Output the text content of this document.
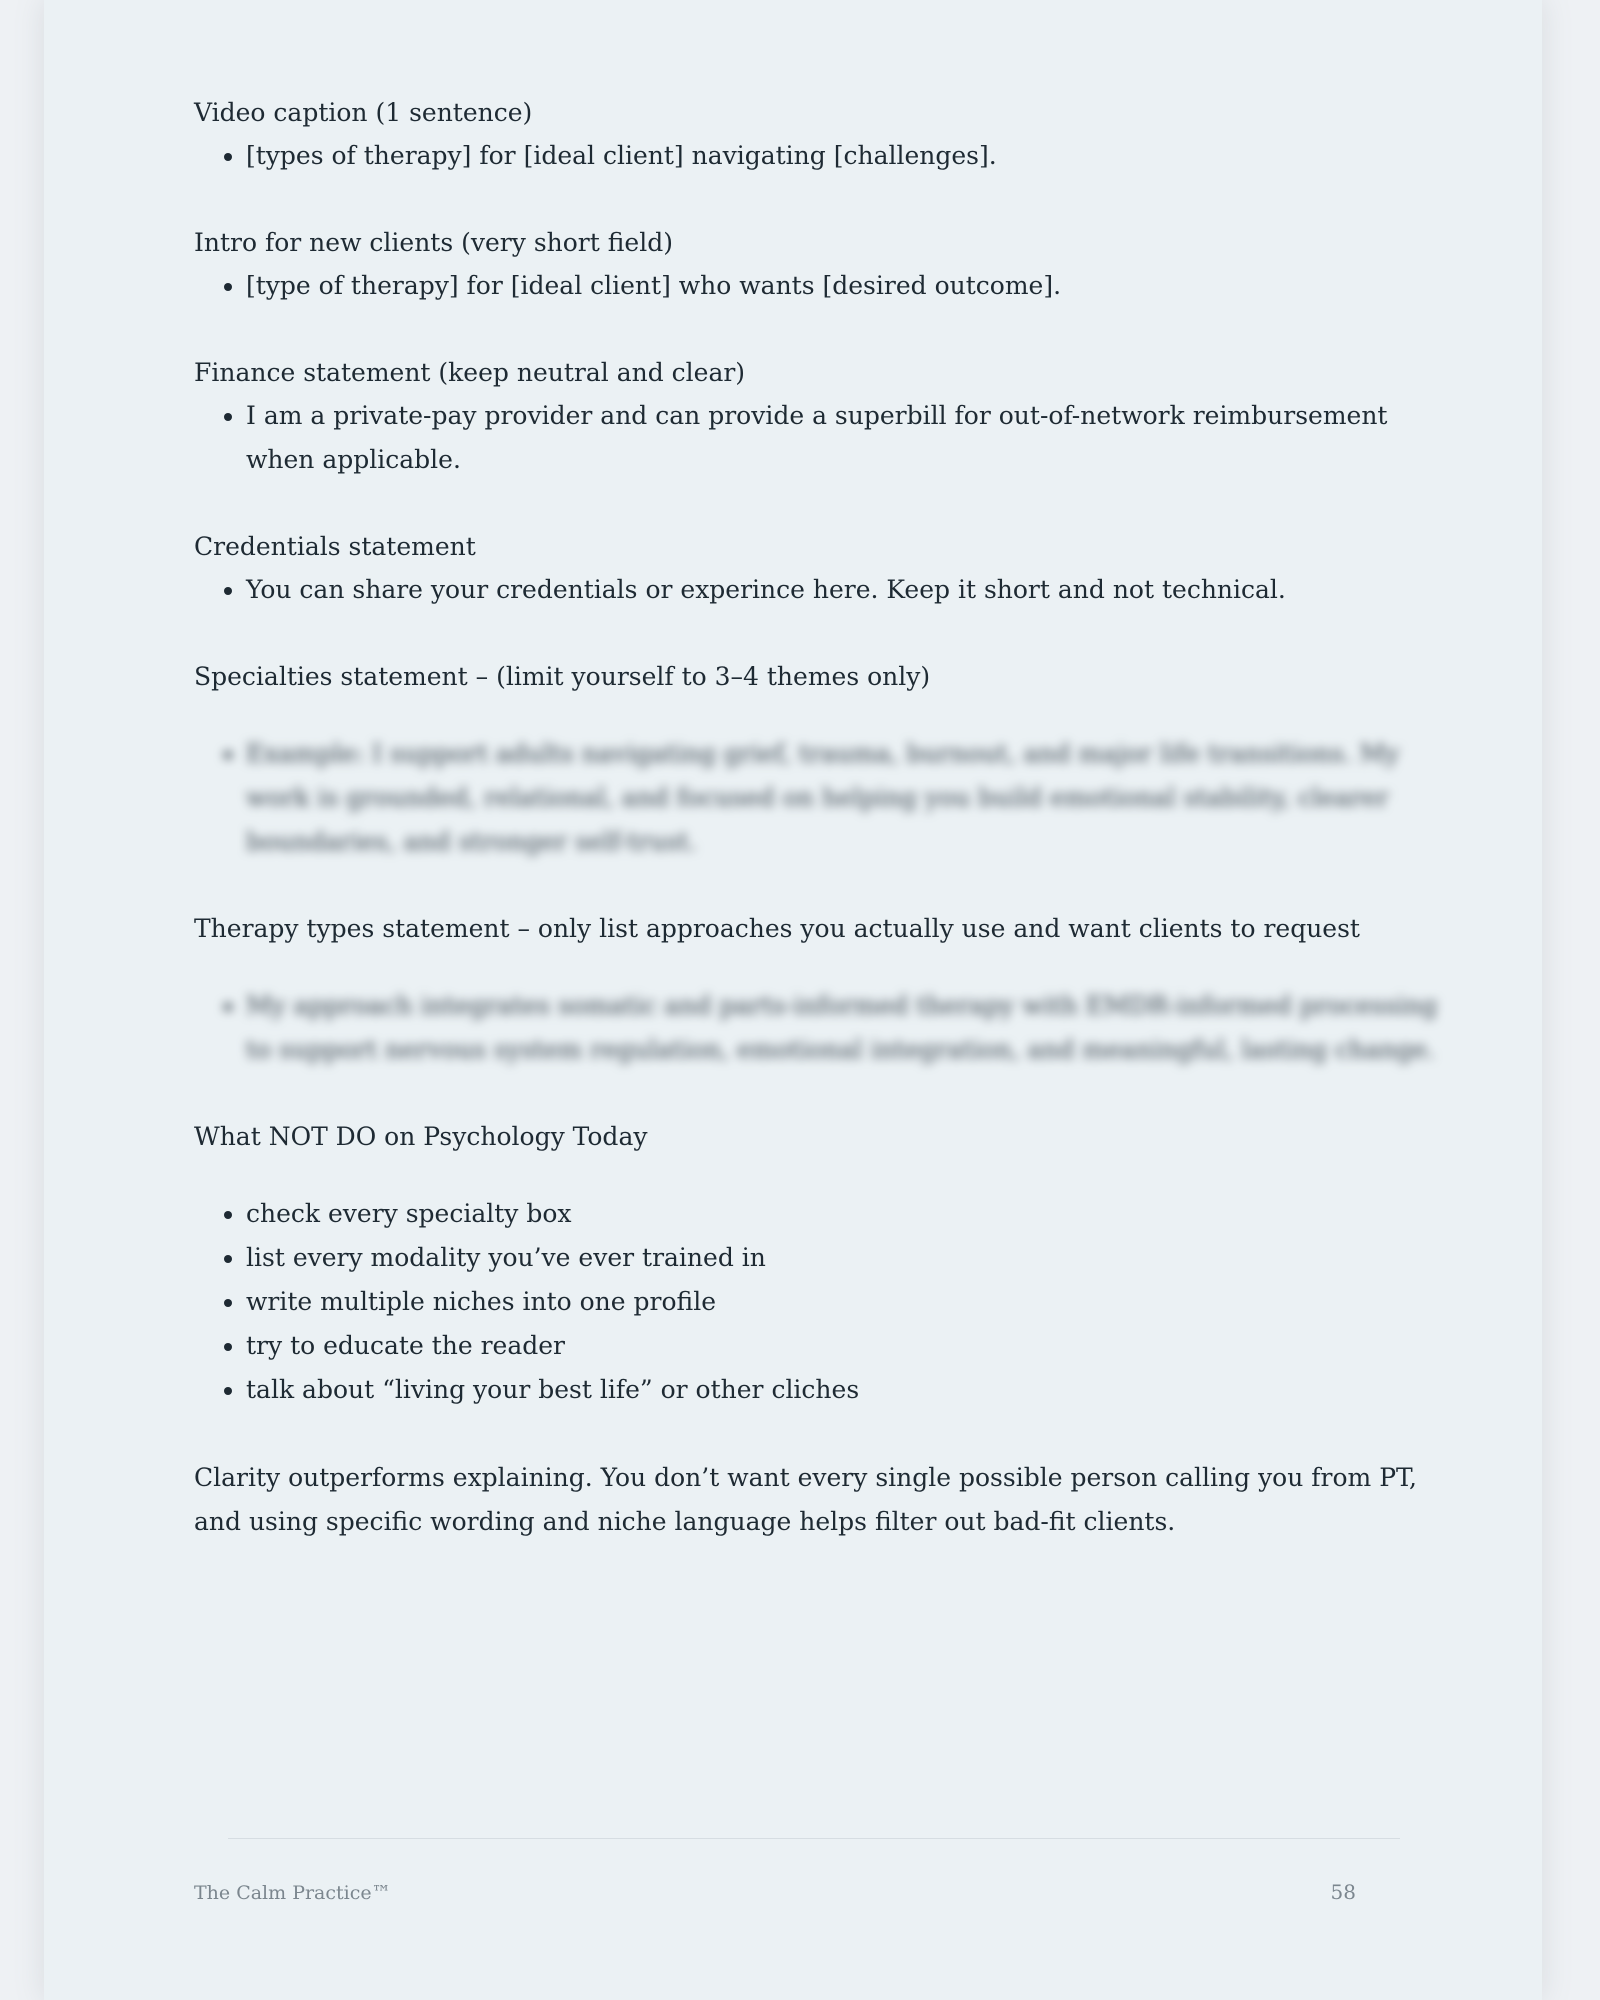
Video caption (1 sentence)

• [types of therapy] for [ideal client] navigating [challenges].

Intro for new clients (very short field)

• [type of therapy] for [ideal client] who wants [desired outcome].

Finance statement (keep neutral and clear)

• I am a private-pay provider and can provide a superbill for out-of-network reimbursement when applicable.

Credentials statement

• You can share your credentials or experince here. Keep it short and not technical.

Specialties statement – (limit yourself to 3–4 themes only)

• Example: I support adults navigating grief, trauma, burnout, and major life transitions. My work is grounded, relational, and focused on helping you build emotional stability, clearer boundaries, and stronger self-trust.

Therapy types statement – only list approaches you actually use and want clients to request

• My approach integrates somatic and parts-informed therapy with EMDR-informed processing to support nervous system regulation, emotional integration, and meaningful, lasting change.

What NOT DO on Psychology Today

• check every specialty box
• list every modality you’ve ever trained in
• write multiple niches into one profile
• try to educate the reader
• talk about “living your best life” or other cliches

Clarity outperforms explaining. You don’t want every single possible person calling you from PT, and using specific wording and niche language helps filter out bad-fit clients.

The Calm Practice™	58
